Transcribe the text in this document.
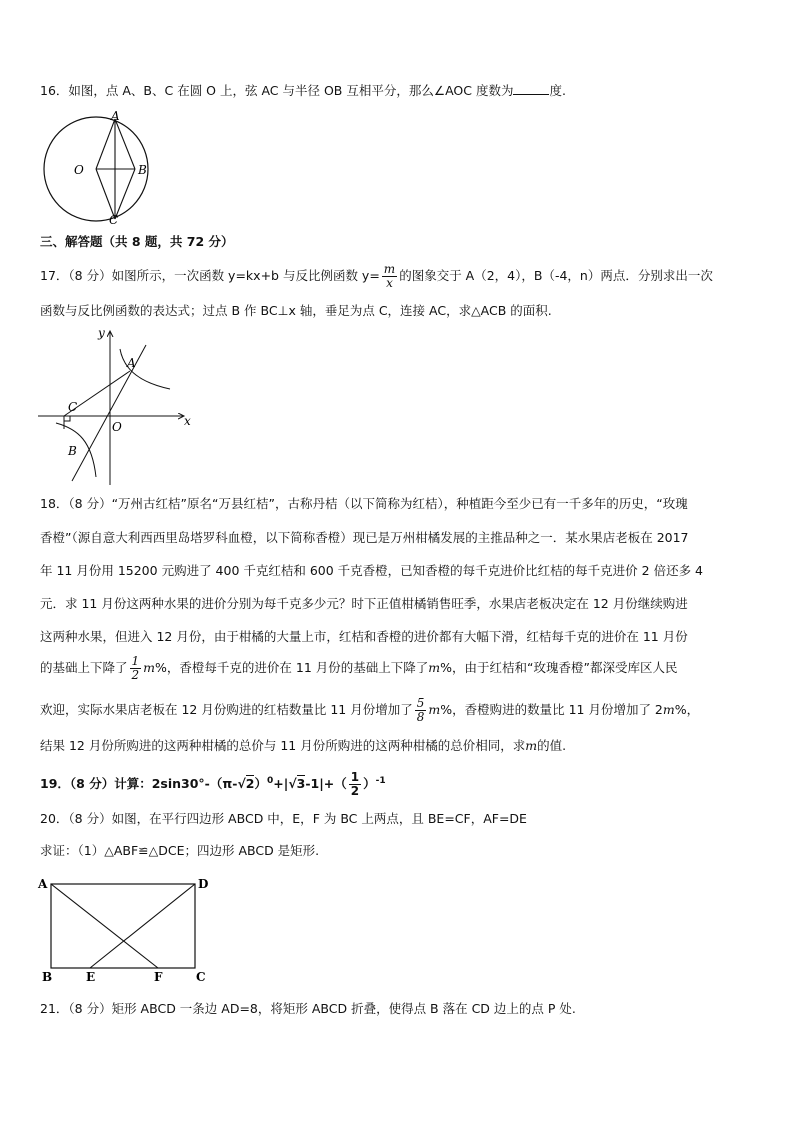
16．如图，点 A、B、C 在圆 O 上，弦 AC 与半径 OB 互相平分，那么∠AOC 度数为	度.
A
O	B
C
三、解答题（共 8 题，共 72 分）
17．（8 分）如图所示，一次函数 y=kx+b 与反比例函数 $y= \frac{m}{x}$ 的图象交于 A（2，4），B（-4，n）两点．分别求出一次
函数与反比例函数的表达式；过点 B 作 BC⊥x 轴，垂足为点 C，连接 AC，求△ACB 的面积.
y
x
A
C
O
B
18．（8 分）“万州古红桔”原名“万县红桔”，古称丹桔（以下简称为红桔），种植距今至少已有一千多年的历史，“玫瑰
香橙”（源自意大利西西里岛塔罗科血橙，以下简称香橙）现已是万州柑橘发展的主推品种之一．某水果店老板在 2017
年 11 月份用 15200 元购进了 400 千克红桔和 600 千克香橙，已知香橙的每千克进价比红桔的每千克进价 2 倍还多 4
元．求 11 月份这两种水果的进价分别为每千克多少元？时下正值柑橘销售旺季，水果店老板决定在 12 月份继续购进
这两种水果，但进入 12 月份，由于柑橘的大量上市，红桔和香橙的进价都有大幅下滑，红桔每千克的进价在 11 月份
的基础上下降了 $\frac{1}{2} m\%$，香橙每千克的进价在 11 月份的基础上下降了m%，由于红桔和“玫瑰香橙”都深受库区人民
欢迎，实际水果店老板在 12 月份购进的红桔数量比 11 月份增加了 $\frac{5}{8} m\%$，香橙购进的数量比 11 月份增加了 2m%，
结果 12 月份所购进的这两种柑橘的总价与 11 月份所购进的这两种柑橘的总价相同，求m的值.
19．（8 分）计算：$2\sin 30^\circ-(\pi-√2)^0+|√3-1|+( \frac{1}{2} )^{-1}$
20．（8 分）如图，在平行四边形 ABCD 中，E，F 为 BC 上两点，且 BE=CF，AF=DE
求证：（1）△ABF≌△DCE；四边形 ABCD 是矩形.
A	D
B	E	F	C
21．（8 分）矩形 ABCD 一条边 AD=8，将矩形 ABCD 折叠，使得点 B 落在 CD 边上的点 P 处.
